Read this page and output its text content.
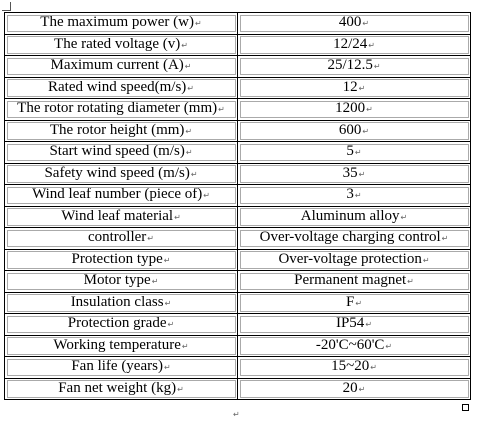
The maximum power (w)↵	400↵
The rated voltage (v)↵	12/24↵
Maximum current (A)↵	25/12.5↵
Rated wind speed(m/s)↵	12↵
The rotor rotating diameter (mm)↵	1200↵
The rotor height (mm)↵	600↵
Start wind speed (m/s)↵	5↵
Safety wind speed (m/s)↵	35↵
Wind leaf number (piece of)↵	3↵
Wind leaf material↵	Aluminum alloy↵
controller↵	Over-voltage charging control↵
Protection type↵	Over-voltage protection↵
Motor type↵	Permanent magnet↵
Insulation class↵	F↵
Protection grade↵	IP54↵
Working temperature↵	-20'C~60'C↵
Fan life (years)↵	15~20↵
Fan net weight (kg)↵	20↵
↵
